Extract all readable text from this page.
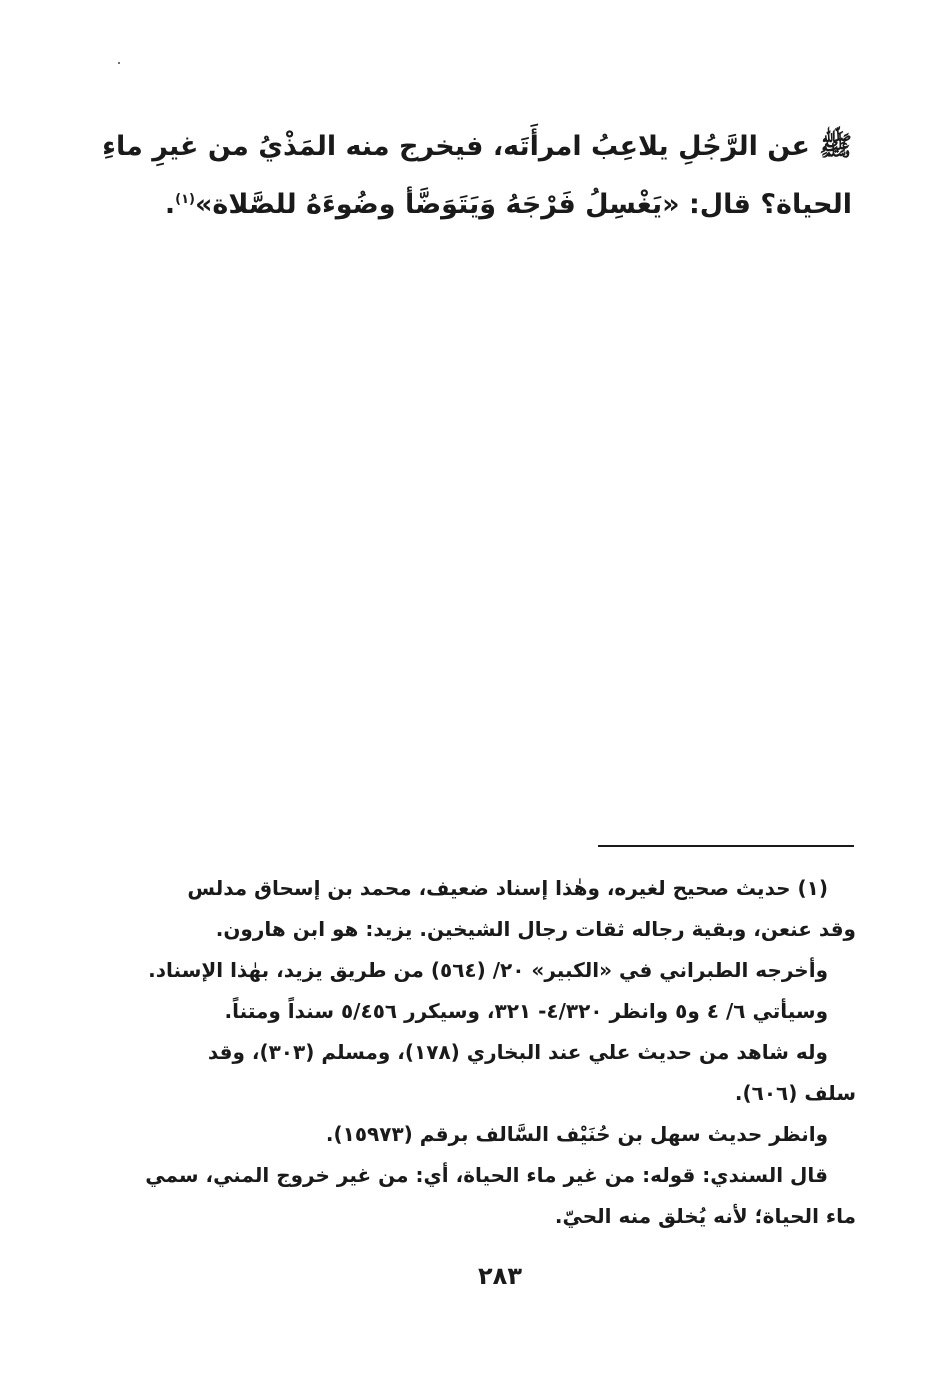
ﷺ عن الرَّجُلِ يلاعِبُ امرأَتَه، فيخرج منه المَذْيُ من غيرِ ماءِ
الحياة؟ قال: «يَغْسِلُ فَرْجَهُ وَيَتَوَضَّأ وضُوءَهُ للصَّلاة»$^{(١)}$.
(١) حديث صحيح لغيره، وهٰذا إسناد ضعيف، محمد بن إسحاق مدلس
وقد عنعن، وبقية رجاله ثقات رجال الشيخين. يزيد: هو ابن هارون.
وأخرجه الطبراني في «الكبير» ٢٠/ (٥٦٤) من طريق يزيد، بهٰذا الإسناد.
وسيأتي ٦/ ٤ و٥ وانظر ٤/٣٢٠- ٣٢١، وسيكرر ٥/٤٥٦ سنداً ومتناً.
وله شاهد من حديث علي عند البخاري (١٧٨)، ومسلم (٣٠٣)، وقد
سلف (٦٠٦).
وانظر حديث سهل بن حُنَيْف السَّالف برقم (١٥٩٧٣).
قال السندي: قوله: من غير ماء الحياة، أي: من غير خروج المني، سمي
ماء الحياة؛ لأنه يُخلق منه الحيّ.
٢٨٣
